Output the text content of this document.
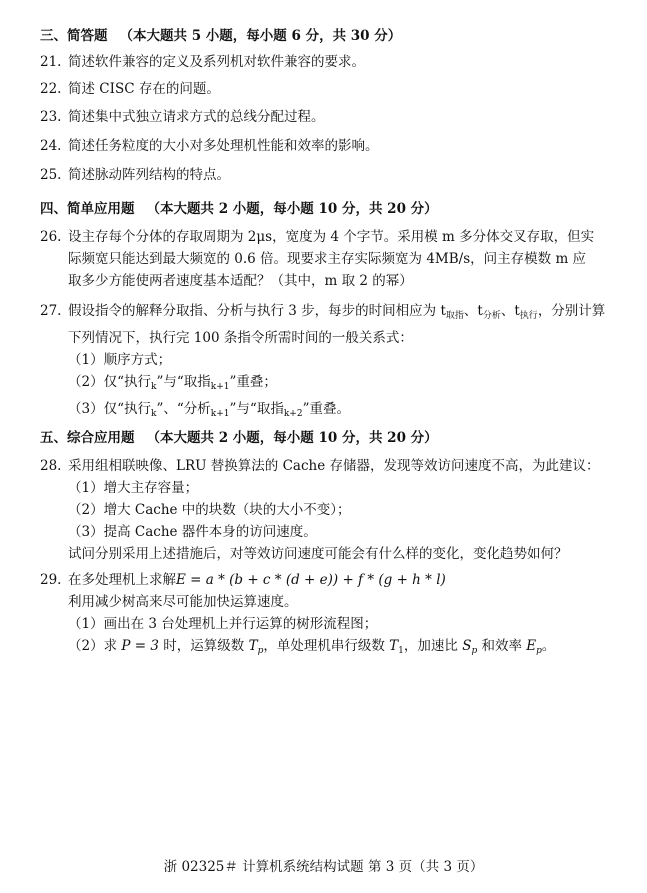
三、简答题 （本大题共 5 小题，每小题 6 分，共 30 分）
21. 简述软件兼容的定义及系列机对软件兼容的要求。
22. 简述 CISC 存在的问题。
23. 简述集中式独立请求方式的总线分配过程。
24. 简述任务粒度的大小对多处理机性能和效率的影响。
25. 简述脉动阵列结构的特点。
四、简单应用题 （本大题共 2 小题，每小题 10 分，共 20 分）
26. 设主存每个分体的存取周期为 2μs，宽度为 4 个字节。采用模 m 多分体交叉存取，但实
际频宽只能达到最大频宽的 0.6 倍。现要求主存实际频宽为 4MB/s，问主存模数 m 应
取多少方能使两者速度基本适配？（其中，m 取 2 的幂）
27. 假设指令的解释分取指、分析与执行 3 步，每步的时间相应为 $t_{取指}$、$t_{分析}$、$t_{执行}$，分别计算
下列情况下，执行完 100 条指令所需时间的一般关系式：
（1）顺序方式；
（2）仅“执行$_k$”与“取指$_{k+1}$”重叠；
（3）仅“执行$_k$”、“分析$_{k+1}$”与“取指$_{k+2}$”重叠。
五、综合应用题 （本大题共 2 小题，每小题 10 分，共 20 分）
28. 采用组相联映像、LRU 替换算法的 Cache 存储器，发现等效访问速度不高，为此建议：
（1）增大主存容量；
（2）增大 Cache 中的块数（块的大小不变）；
（3）提高 Cache 器件本身的访问速度。
试问分别采用上述措施后，对等效访问速度可能会有什么样的变化，变化趋势如何？
29. 在多处理机上求解E = a * (b + c * (d + e)) + f * (g + h * l)
利用减少树高来尽可能加快运算速度。
（1）画出在 3 台处理机上并行运算的树形流程图；
（2）求 P = 3 时，运算级数 $T_p$，单处理机串行级数 $T_1$，加速比 $S_p$ 和效率 $E_p$。
浙 02325＃ 计算机系统结构试题 第 3 页（共 3 页）
